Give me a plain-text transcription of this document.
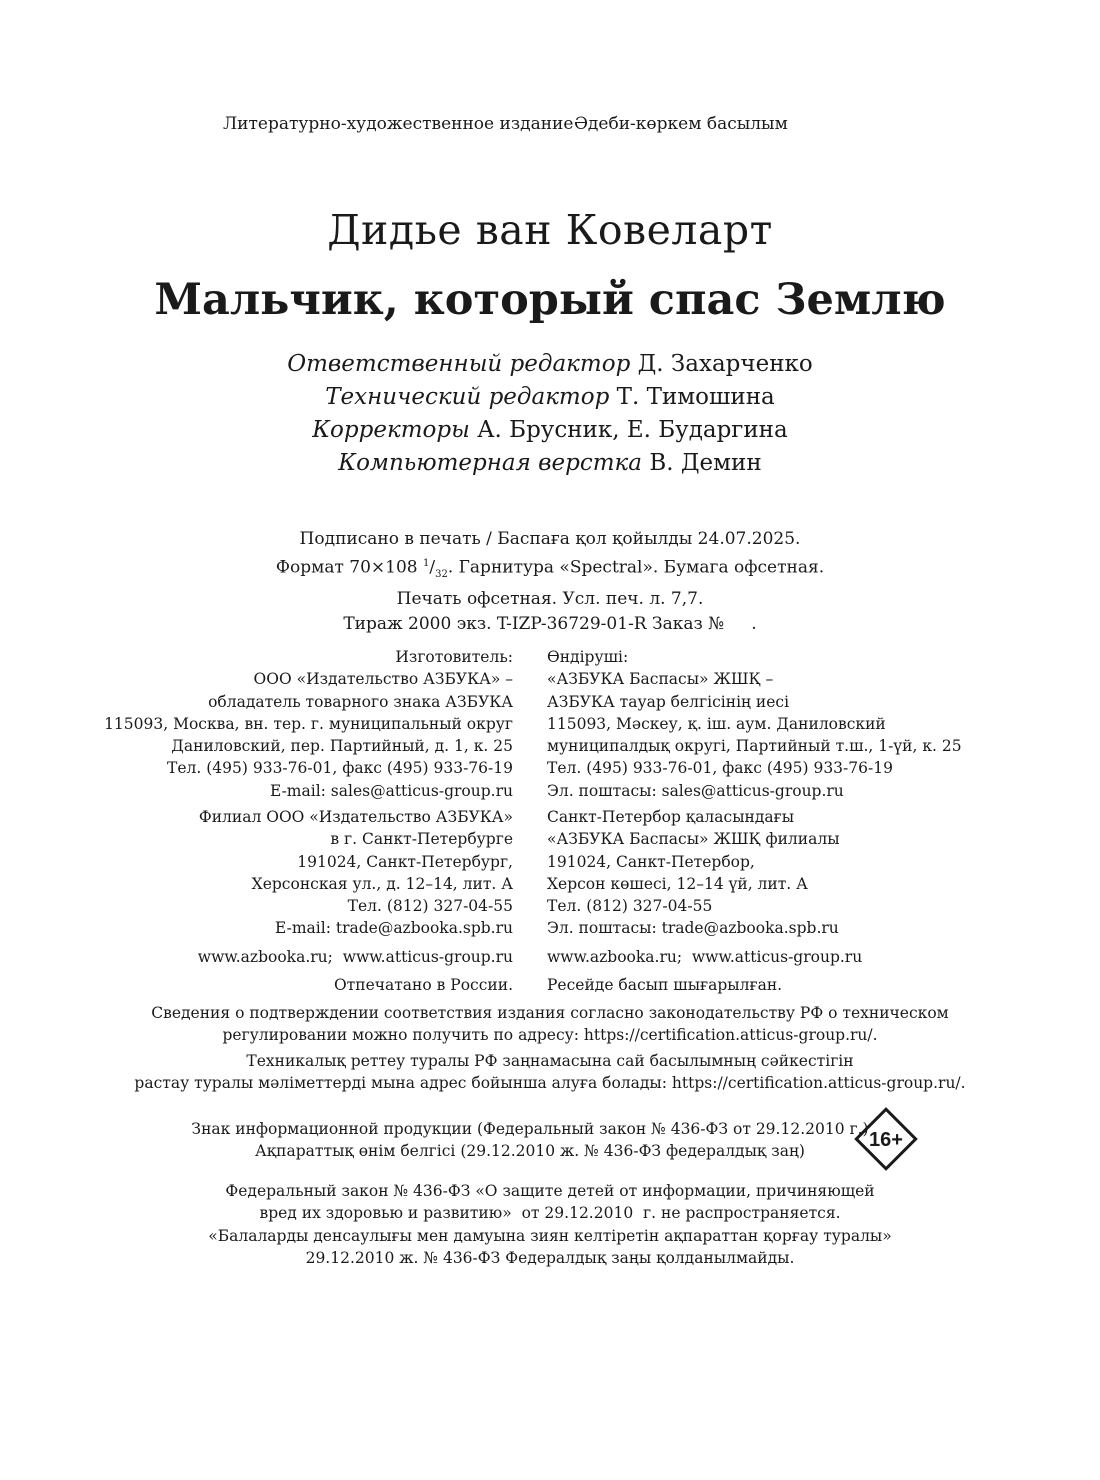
Литературно-художественное издание Әдеби-көркем басылым
Дидье ван Ковеларт
Мальчик, который спас Землю
Ответственный редактор Д. Захарченко
Технический редактор Т. Тимошина
Корректоры А. Брусник, Е. Бударгина
Компьютерная верстка В. Демин
Подписано в печать / Баспаға қол қойылды 24.07.2025.
Формат 70×108 $^1/_{32}$. Гарнитура «Spectral». Бумага офсетная.
Печать офсетная. Усл. печ. л. 7,7.
Тираж 2000 экз. T-IZP-36729-01-R Заказ №     .
Изготовитель:
ООО «Издательство АЗБУКА» –
обладатель товарного знака АЗБУКА
115093, Москва, вн. тер. г. муниципальный округ
Даниловский, пер. Партийный, д. 1, к. 25
Тел. (495) 933-76-01, факс (495) 933-76-19
E-mail: sales@atticus-group.ru
Өндіруші:
«АЗБУКА Баспасы» ЖШҚ –
АЗБУКА тауар белгісінің иесі
115093, Мәскеу, қ. іш. аум. Даниловский
муниципалдық округі, Партийный т.ш., 1-үй, к. 25
Тел. (495) 933-76-01, факс (495) 933-76-19
Эл. поштасы: sales@atticus-group.ru
Филиал ООО «Издательство АЗБУКА»
в г. Санкт-Петербурге
191024, Санкт-Петербург,
Херсонская ул., д. 12–14, лит. А
Тел. (812) 327-04-55
E-mail: trade@azbooka.spb.ru
Санкт-Петербор қаласындағы
«АЗБУКА Баспасы» ЖШҚ филиалы
191024, Санкт-Петербор,
Херсон көшесі, 12–14 үй, лит. А
Тел. (812) 327-04-55
Эл. поштасы: trade@azbooka.spb.ru
www.azbooka.ru;  www.atticus-group.ru www.azbooka.ru;  www.atticus-group.ru
Отпечатано в России. Ресейде басып шығарылған.
Сведения о подтверждении соответствия издания согласно законодательству РФ о техническом
регулировании можно получить по адресу: https://certification.atticus-group.ru/.
Техникалық реттеу туралы РФ заңнамасына сай басылымның сәйкестігін
растау туралы мәліметтерді мына адрес бойынша алуға болады: https://certification.atticus-group.ru/.
Знак информационной продукции (Федеральный закон № 436-ФЗ от 29.12.2010 г.)
Ақпараттық өнім белгісі (29.12.2010 ж. № 436-ФЗ федералдық заң)
16+
Федеральный закон № 436-ФЗ «О защите детей от информации, причиняющей
вред их здоровью и развитию»  от 29.12.2010  г. не распространяется.
«Балаларды денсаулығы мен дамуына зиян келтіретін ақпараттан қорғау туралы»
29.12.2010 ж. № 436-ФЗ Федералдық заңы қолданылмайды.
